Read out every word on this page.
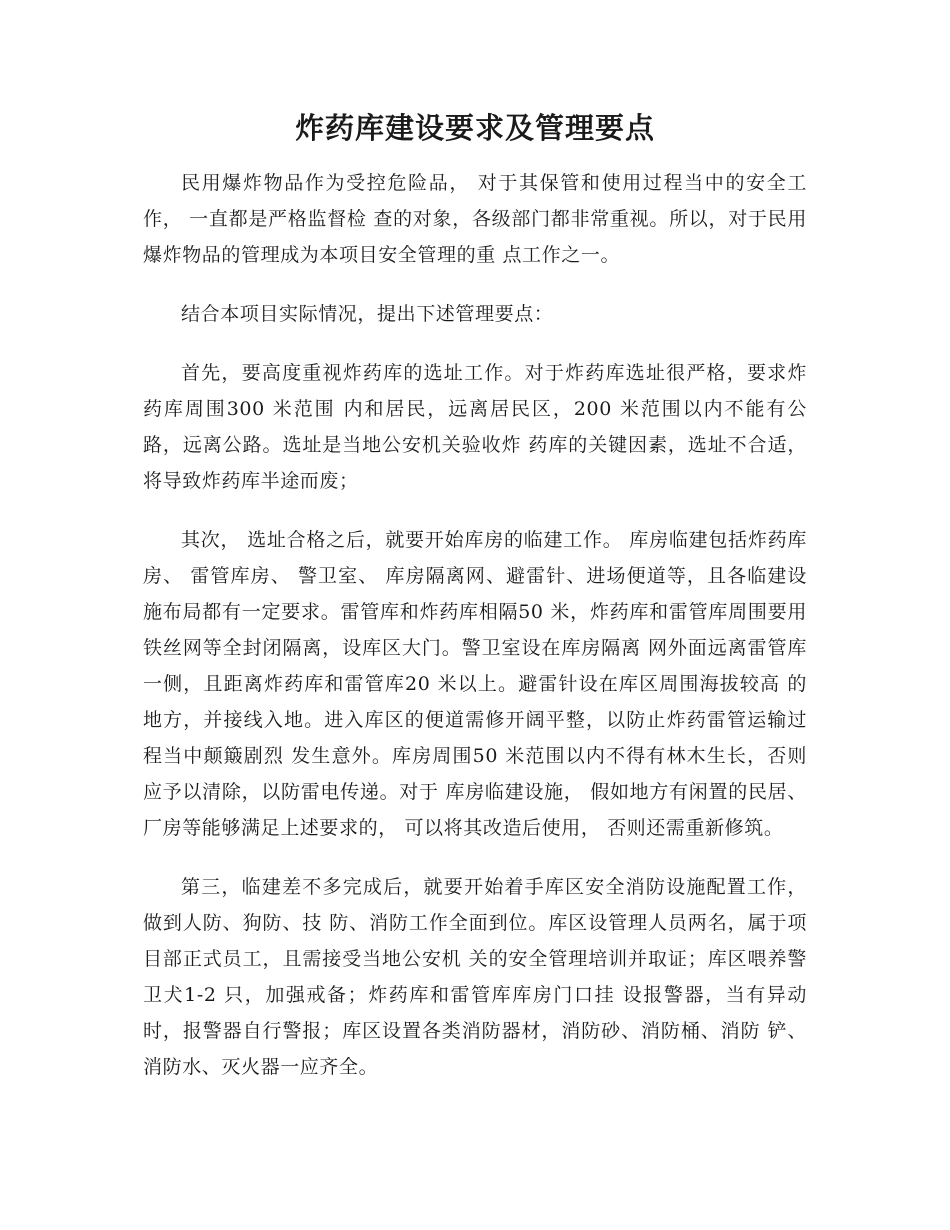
炸药库建设要求及管理要点

民用爆炸物品作为受控危险品， 对于其保管和使用过程当中的安全工作， 一直都是严格监督检 查的对象，各级部门都非常重视。所以，对于民用爆炸物品的管理成为本项目安全管理的重 点工作之一。

结合本项目实际情况，提出下述管理要点：

首先，要高度重视炸药库的选址工作。对于炸药库选址很严格，要求炸药库周围300 米范围 内和居民，远离居民区，200 米范围以内不能有公路，远离公路。选址是当地公安机关验收炸 药库的关键因素，选址不合适，将导致炸药库半途而废；

其次， 选址合格之后，就要开始库房的临建工作。 库房临建包括炸药库房、 雷管库房、 警卫室、 库房隔离网、避雷针、进场便道等，且各临建设施布局都有一定要求。雷管库和炸药库相隔50 米，炸药库和雷管库周围要用铁丝网等全封闭隔离，设库区大门。警卫室设在库房隔离 网外面远离雷管库一侧，且距离炸药库和雷管库20 米以上。避雷针设在库区周围海拔较高 的地方，并接线入地。进入库区的便道需修开阔平整，以防止炸药雷管运输过程当中颠簸剧烈 发生意外。库房周围50 米范围以内不得有林木生长，否则应予以清除，以防雷电传递。对于 库房临建设施， 假如地方有闲置的民居、 厂房等能够满足上述要求的， 可以将其改造后使用， 否则还需重新修筑。

第三，临建差不多完成后，就要开始着手库区安全消防设施配置工作，做到人防、狗防、技 防、消防工作全面到位。库区设管理人员两名，属于项目部正式员工，且需接受当地公安机 关的安全管理培训并取证；库区喂养警卫犬1-2 只，加强戒备；炸药库和雷管库库房门口挂 设报警器，当有异动时，报警器自行警报；库区设置各类消防器材，消防砂、消防桶、消防 铲、消防水、灭火器一应齐全。
